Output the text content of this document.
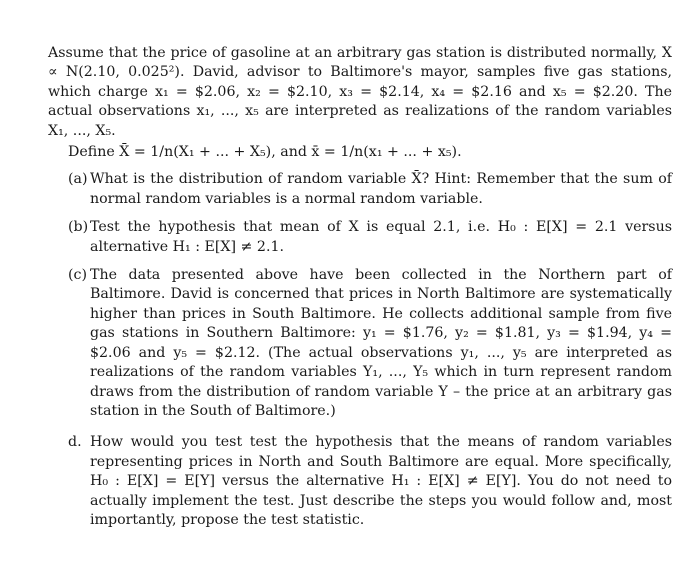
Assume that the price of gasoline at an arbitrary gas station is distributed normally, X ∝ N(2.10, 0.025²). David, advisor to Baltimore's mayor, samples five gas stations, which charge x₁ = $2.06, x₂ = $2.10, x₃ = $2.14, x₄ = $2.16 and x₅ = $2.20. The actual observations x₁, ..., x₅ are interpreted as realizations of the random variables X₁, ..., X₅.

Define X̄ = 1/n(X₁ + ... + X₅), and x̄ = 1/n(x₁ + ... + x₅).
(a) What is the distribution of random variable X̄? Hint: Remember that the sum of normal random variables is a normal random variable.
(b) Test the hypothesis that mean of X is equal 2.1, i.e. H₀ : E[X] = 2.1 versus alternative H₁ : E[X] ≠ 2.1.
(c) The data presented above have been collected in the Northern part of Baltimore. David is concerned that prices in North Baltimore are systematically higher than prices in South Baltimore. He collects additional sample from five gas stations in Southern Baltimore: y₁ = $1.76, y₂ = $1.81, y₃ = $1.94, y₄ = $2.06 and y₅ = $2.12. (The actual observations y₁, ..., y₅ are interpreted as realizations of the random variables Y₁, ..., Y₅ which in turn represent random draws from the distribution of random variable Y – the price at an arbitrary gas station in the South of Baltimore.)
d. How would you test test the hypothesis that the means of random variables representing prices in North and South Baltimore are equal. More specifically, H₀ : E[X] = E[Y] versus the alternative H₁ : E[X] ≠ E[Y]. You do not need to actually implement the test. Just describe the steps you would follow and, most importantly, propose the test statistic.
